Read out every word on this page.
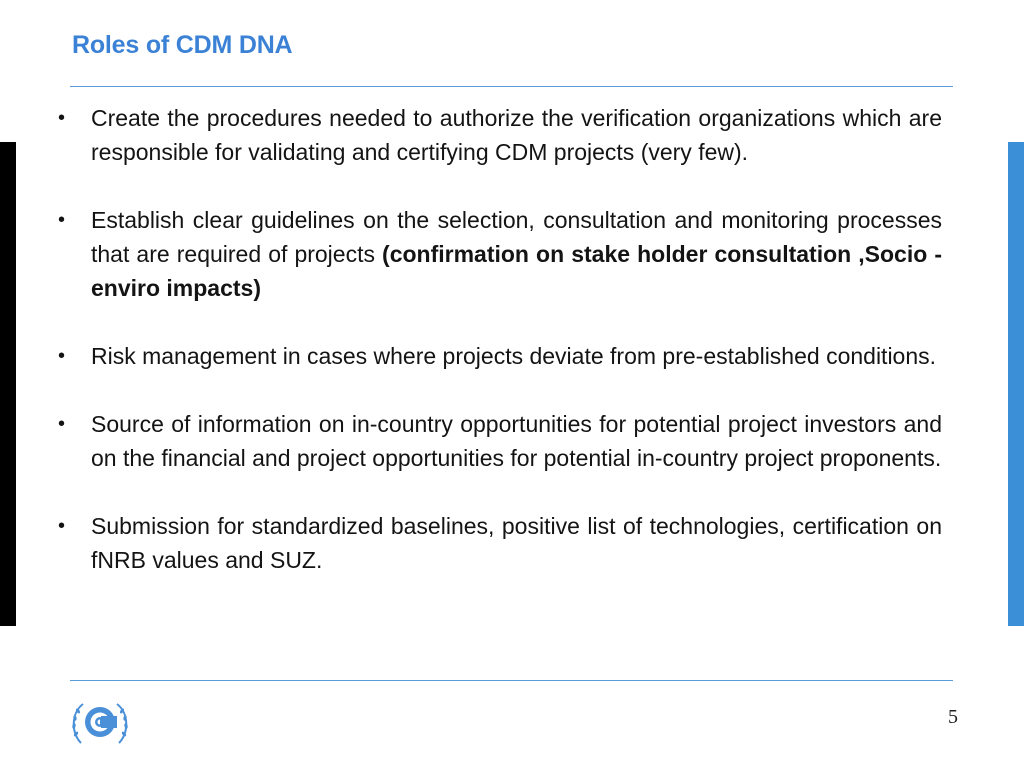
Roles of CDM DNA
• Create the procedures needed to authorize the verification organizations which are responsible for validating and certifying CDM projects (very few).
• Establish clear guidelines on the selection, consultation and monitoring processes that are required of projects (confirmation on stake holder consultation ,Socio - enviro impacts)
• Risk management in cases where projects deviate from pre-established conditions.
• Source of information on in-country opportunities for potential project investors and on the financial and project opportunities for potential in-country project proponents.
• Submission for standardized baselines, positive list of technologies, certification on fNRB values and SUZ.
5
